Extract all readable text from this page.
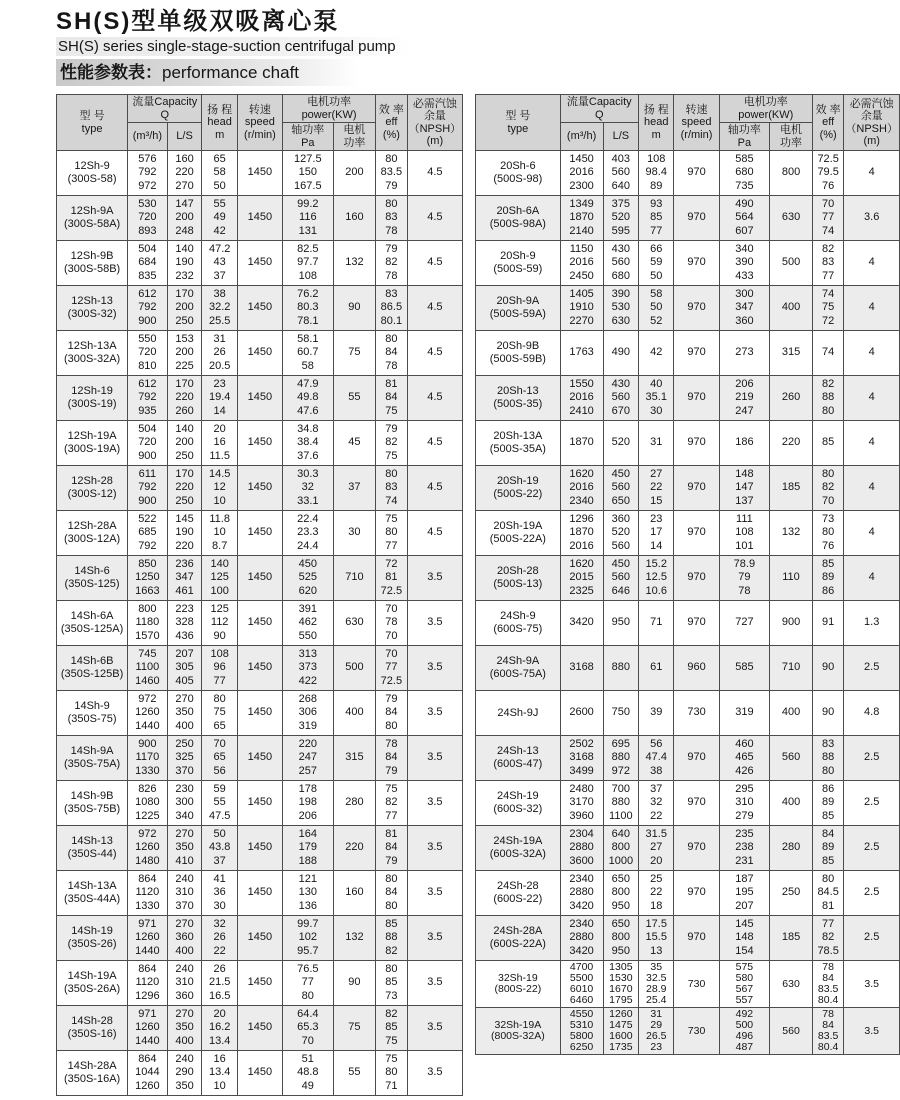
SH(S)型单级双吸离心泵
SH(S) series single-stage-suction centrifugal pump
性能参数表：performance chaft
型 号
type	流量Capacity
Q		扬 程
head
m	转速
speed
(r/min)	电机功率power(KW)		效 率
eff
(%)	必需汽蚀
余量
（NPSH）
(m)
	(m³/h)	L/S			轴功率
Pa	电机
功率		
12Sh-9
(300S-58)	576
792
972	160
220
270	65
58
50	1450	127.5
150
167.5	200	80
83.5
79	4.5
12Sh-9A
(300S-58A)	530
720
893	147
200
248	55
49
42	1450	99.2
116
131	160	80
83
78	4.5
12Sh-9B
(300S-58B)	504
684
835	140
190
232	47.2
43
37	1450	82.5
97.7
108	132	79
82
78	4.5
12Sh-13
(300S-32)	612
792
900	170
200
250	38
32.2
25.5	1450	76.2
80.3
78.1	90	83
86.5
80.1	4.5
12Sh-13A
(300S-32A)	550
720
810	153
200
225	31
26
20.5	1450	58.1
60.7
58	75	80
84
78	4.5
12Sh-19
(300S-19)	612
792
935	170
220
260	23
19.4
14	1450	47.9
49.8
47.6	55	81
84
75	4.5
12Sh-19A
(300S-19A)	504
720
900	140
200
250	20
16
11.5	1450	34.8
38.4
37.6	45	79
82
75	4.5
12Sh-28
(300S-12)	611
792
900	170
220
250	14.5
12
10	1450	30.3
32
33.1	37	80
83
74	4.5
12Sh-28A
(300S-12A)	522
685
792	145
190
220	11.8
10
8.7	1450	22.4
23.3
24.4	30	75
80
77	4.5
14Sh-6
(350S-125)	850
1250
1663	236
347
461	140
125
100	1450	450
525
620	710	72
81
72.5	3.5
14Sh-6A
(350S-125A)	800
1180
1570	223
328
436	125
112
90	1450	391
462
550	630	70
78
70	3.5
14Sh-6B
(350S-125B)	745
1100
1460	207
305
405	108
96
77	1450	313
373
422	500	70
77
72.5	3.5
14Sh-9
(350S-75)	972
1260
1440	270
350
400	80
75
65	1450	268
306
319	400	79
84
80	3.5
14Sh-9A
(350S-75A)	900
1170
1330	250
325
370	70
65
56	1450	220
247
257	315	78
84
79	3.5
14Sh-9B
(350S-75B)	826
1080
1225	230
300
340	59
55
47.5	1450	178
198
206	280	75
82
77	3.5
14Sh-13
(350S-44)	972
1260
1480	270
350
410	50
43.8
37	1450	164
179
188	220	81
84
79	3.5
14Sh-13A
(350S-44A)	864
1120
1330	240
310
370	41
36
30	1450	121
130
136	160	80
84
80	3.5
14Sh-19
(350S-26)	971
1260
1440	270
360
400	32
26
22	1450	99.7
102
95.7	132	85
88
82	3.5
14Sh-19A
(350S-26A)	864
1120
1296	240
310
360	26
21.5
16.5	1450	76.5
77
80	90	80
85
73	3.5
14Sh-28
(350S-16)	971
1260
1440	270
350
400	20
16.2
13.4	1450	64.4
65.3
70	75	82
85
75	3.5
14Sh-28A
(350S-16A)	864
1044
1260	240
290
350	16
13.4
10	1450	51
48.8
49	55	75
80
71	3.5
型 号
type	流量Capacity
Q		扬 程
head
m	转速
speed
(r/min)	电机功率power(KW)		效 率
eff
(%)	必需汽蚀
余量
（NPSH）
(m)
	(m³/h)	L/S			轴功率
Pa	电机
功率		
20Sh-6
(500S-98)	1450
2016
2300	403
560
640	108
98.4
89	970	585
680
735	800	72.5
79.5
76	4
20Sh-6A
(500S-98A)	1349
1870
2140	375
520
595	93
85
77	970	490
564
607	630	70
77
74	3.6
20Sh-9
(500S-59)	1150
2016
2450	430
560
680	66
59
50	970	340
390
433	500	82
83
77	4
20Sh-9A
(500S-59A)	1405
1910
2270	390
530
630	58
50
52	970	300
347
360	400	74
75
72	4
20Sh-9B
(500S-59B)	1763	490	42	970	273	315	74	4
20Sh-13
(500S-35)	1550
2016
2410	430
560
670	40
35.1
30	970	206
219
247	260	82
88
80	4
20Sh-13A
(500S-35A)	1870	520	31	970	186	220	85	4
20Sh-19
(500S-22)	1620
2016
2340	450
560
650	27
22
15	970	148
147
137	185	80
82
70	4
20Sh-19A
(500S-22A)	1296
1870
2016	360
520
560	23
17
14	970	111
108
101	132	73
80
76	4
20Sh-28
(500S-13)	1620
2015
2325	450
560
646	15.2
12.5
10.6	970	78.9
79
78	110	85
89
86	4
24Sh-9
(600S-75)	3420	950	71	970	727	900	91	1.3
24Sh-9A
(600S-75A)	3168	880	61	960	585	710	90	2.5
24Sh-9J	2600	750	39	730	319	400	90	4.8
24Sh-13
(600S-47)	2502
3168
3499	695
880
972	56
47.4
38	970	460
465
426	560	83
88
80	2.5
24Sh-19
(600S-32)	2480
3170
3960	700
880
1100	37
32
22	970	295
310
279	400	86
89
85	2.5
24Sh-19A
(600S-32A)	2304
2880
3600	640
800
1000	31.5
27
20	970	235
238
231	280	84
89
85	2.5
24Sh-28
(600S-22)	2340
2880
3420	650
800
950	25
22
18	970	187
195
207	250	80
84.5
81	2.5
24Sh-28A
(600S-22A)	2340
2880
3420	650
800
950	17.5
15.5
13	970	145
148
154	185	77
82
78.5	2.5
32Sh-19
(800S-22)	4700
5500
6010
6460	1305
1530
1670
1795	35
32.5
28.9
25.4	730	575
580
567
557	630	78
84
83.5
80.4	3.5
32Sh-19A
(800S-32A)	4550
5310
5800
6250	1260
1475
1600
1735	31
29
26.5
23	730	492
500
496
487	560	78
84
83.5
80.4	3.5
